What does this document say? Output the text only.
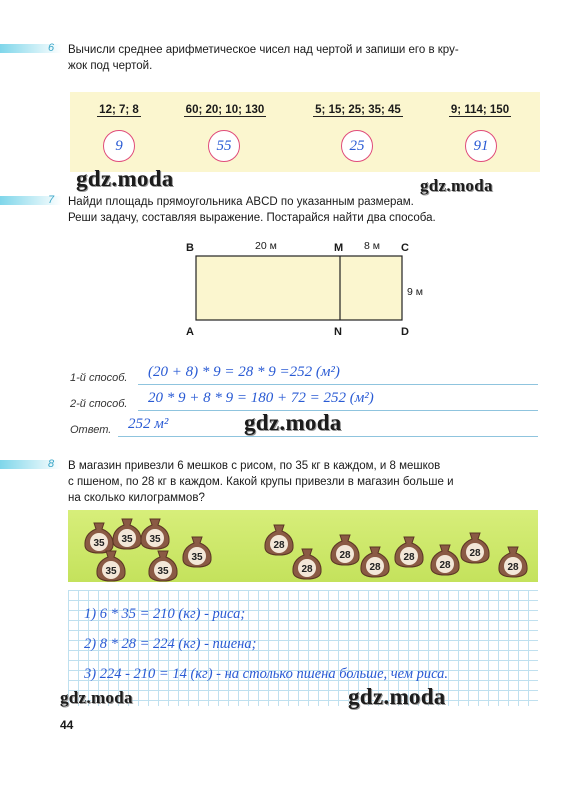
6 Вычисли среднее арифметическое чисел над чертой и запиши его в кру-
жок под чертой.
12; 7; 8	60; 20; 10; 130	5; 15; 25; 35; 45	9; 114; 150
9	55	25	91
gdz.moda	gdz.moda
7 Найди площадь прямоугольника ABCD по указанным размерам.
Реши задачу, составляя выражение. Постарайся найти два способа.
B	M	C
A	N	D
20 м	8 м
9 м
1-й способ. (20 + 8) * 9 = 28 * 9 =252 (м²)
2-й способ. 20 * 9 + 8 * 9 = 180 + 72 = 252 (м²)
Ответ. 252 м²	gdz.moda
8 В магазин привезли 6 мешков с рисом, по 35 кг в каждом, и 8 мешков
с пшеном, по 28 кг в каждом. Какой крупы привезли в магазин больше и
на сколько килограммов?
35 35 35
35
35	35
28
28
28
28
28
28
28
28
1) 6 * 35 = 210 (кг) - риса;
2) 8 * 28 = 224 (кг) - пшена;
3) 224 - 210 = 14 (кг) - на столько пшена больше, чем риса.
gdz.moda	gdz.moda
44
